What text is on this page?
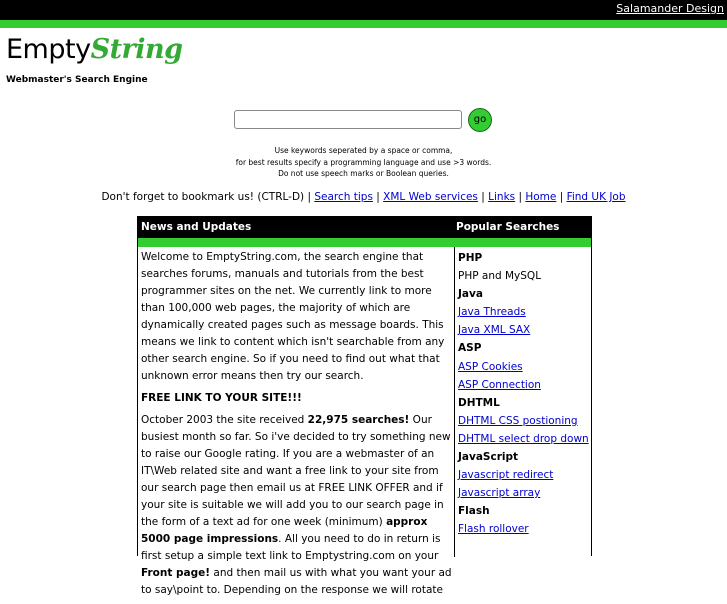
Salamander Design
EmptyString
Webmaster's Search Engine
go
Use keywords seperated by a space or comma,
for best results specify a programming language and use >3 words.
Do not use speech marks or Boolean queries.
Don't forget to bookmark us! (CTRL-D) | Search tips | XML Web services | Links | Home | Find UK Job
News and Updates	Popular Searches

Welcome to EmptyString.com, the search engine that searches forums, manuals and tutorials from the best programmer sites on the net. We currently link to more than 100,000 web pages, the majority of which are dynamically created pages such as message boards. This means we link to content which isn't searchable from any other search engine. So if you need to find out what that unknown error means then try our search.

FREE LINK TO YOUR SITE!!!

October 2003 the site received 22,975 searches! Our busiest month so far. So i've decided to try something new to raise our Google rating. If you are a webmaster of an IT\Web related site and want a free link to your site from our search page then email us at FREE LINK OFFER and if your site is suitable we will add you to our search page in the form of a text ad for one week (minimum) approx 5000 page impressions. All you need to do in return is first setup a simple text link to Emptystring.com on your Front page! and then mail us with what you want your ad to say\point to. Depending on the response we will rotate

PHP
PHP and MySQL
Java
Java Threads
Java XML SAX
ASP
ASP Cookies
ASP Connection
DHTML
DHTML CSS postioning
DHTML select drop down
JavaScript
Javascript redirect
Javascript array
Flash
Flash rollover
